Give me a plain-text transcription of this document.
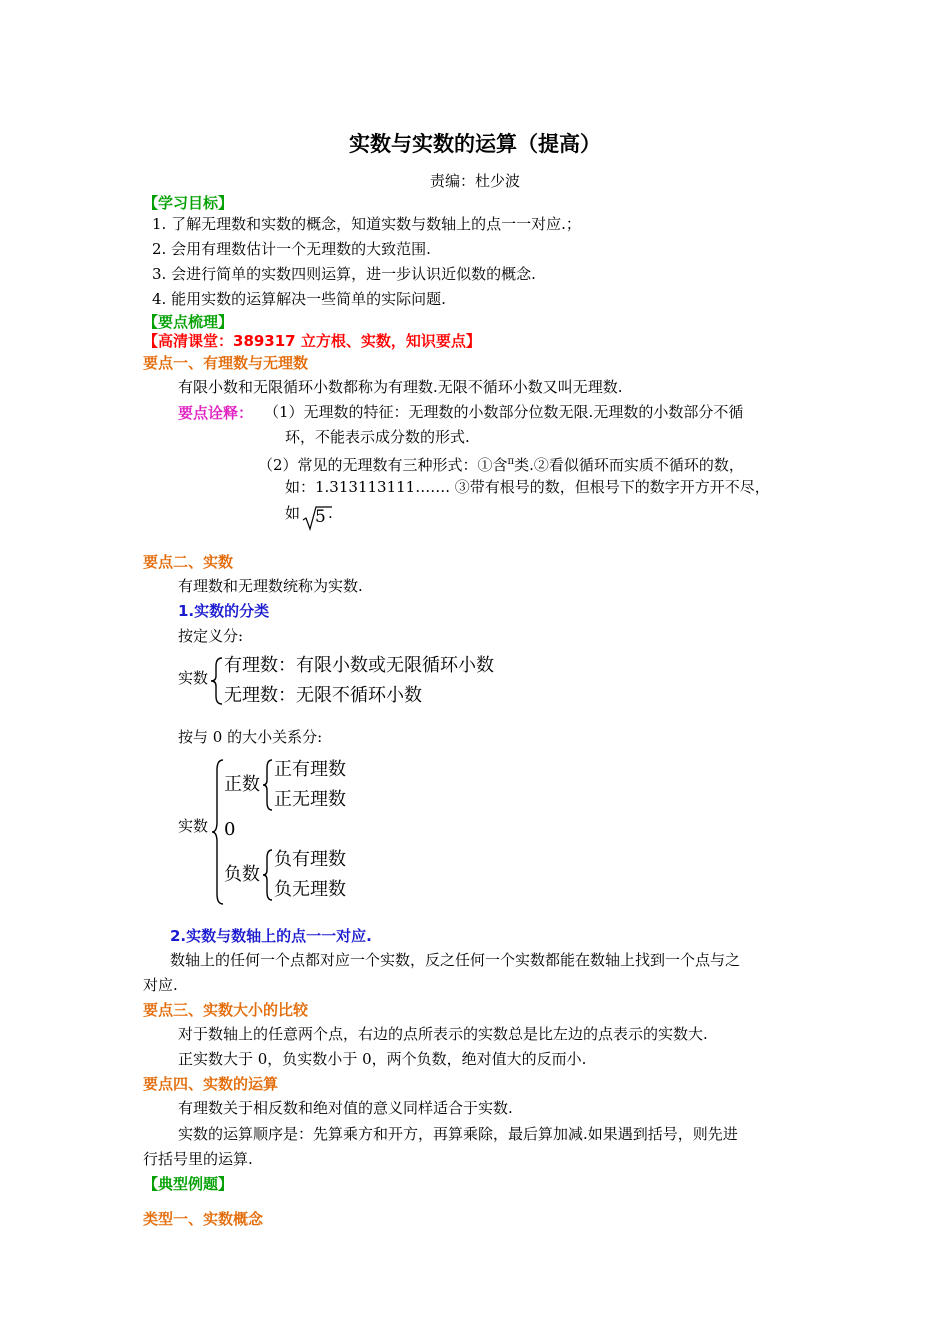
实数与实数的运算（提高）
责编：杜少波
【学习目标】
1. 了解无理数和实数的概念，知道实数与数轴上的点一一对应.；
2. 会用有理数估计一个无理数的大致范围.
3. 会进行简单的实数四则运算，进一步认识近似数的概念.
4. 能用实数的运算解决一些简单的实际问题.
【要点梳理】
【高清课堂：389317 立方根、实数，知识要点】
要点一、有理数与无理数
有限小数和无限循环小数都称为有理数.无限不循环小数又叫无理数.
要点诠释： （1）无理数的特征：无理数的小数部分位数无限.无理数的小数部分不循
环，不能表示成分数的形式.
（2）常见的无理数有三种形式：①含$^\pi$类.②看似循环而实质不循环的数，
如：1.313113111……. ③带有根号的数，但根号下的数字开方开不尽，
如 5 .
要点二、实数
有理数和无理数统称为实数.
1.实数的分类
按定义分:
实数
有理数：有限小数或无限循环小数
无理数：无限不循环小数
按与 0 的大小关系分:
实数
正数
正有理数
正无理数
0
负数
负有理数
负无理数
2.实数与数轴上的点一一对应.
数轴上的任何一个点都对应一个实数，反之任何一个实数都能在数轴上找到一个点与之
对应.
要点三、实数大小的比较
对于数轴上的任意两个点，右边的点所表示的实数总是比左边的点表示的实数大.
正实数大于 0，负实数小于 0，两个负数，绝对值大的反而小.
要点四、实数的运算
有理数关于相反数和绝对值的意义同样适合于实数.
实数的运算顺序是：先算乘方和开方，再算乘除，最后算加减.如果遇到括号，则先进
行括号里的运算.
【典型例题】
类型一、实数概念
